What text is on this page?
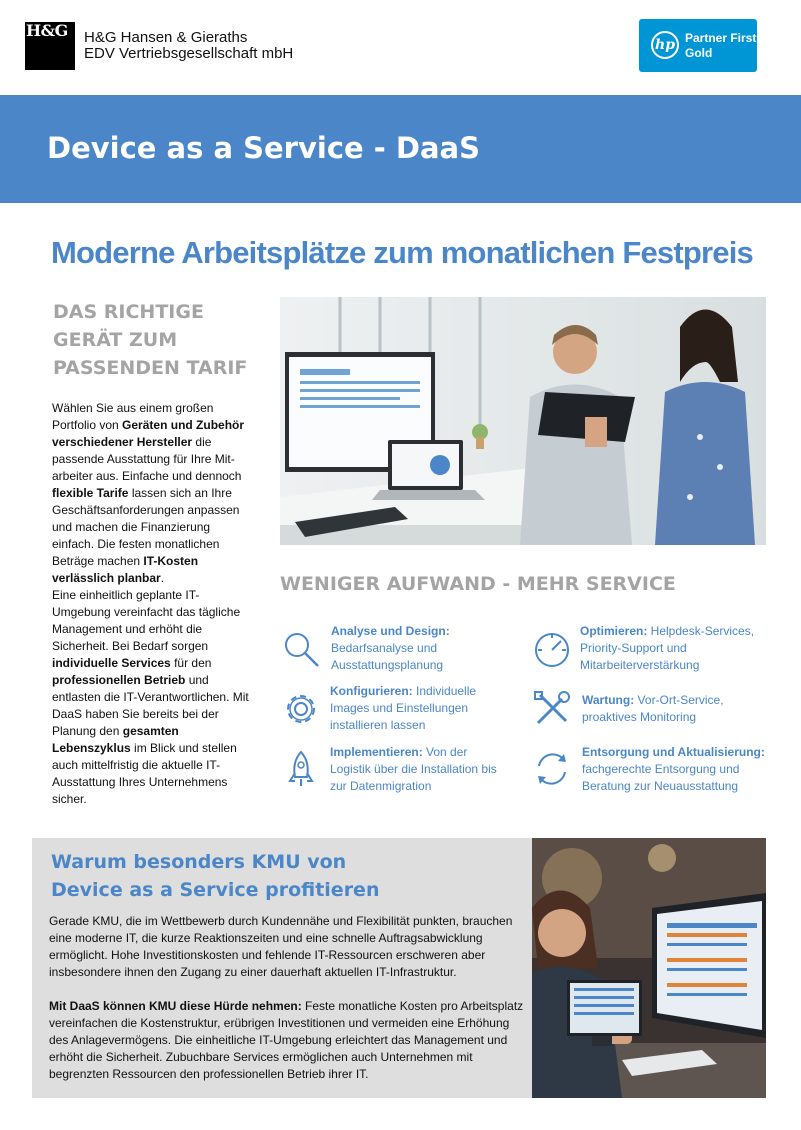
H&G	H&G Hansen & Gieraths
EDV Vertriebsgesellschaft mbH	hp Partner First
Gold
Device as a Service - DaaS
Moderne Arbeitsplätze zum monatlichen Festpreis
DAS RICHTIGE GERÄT ZUM PASSENDEN TARIF
Wählen Sie aus einem großen Portfolio von Geräten und Zubehör verschiedener Hersteller die passende Ausstattung für Ihre Mit-arbeiter aus. Einfache und dennoch flexible Tarife lassen sich an Ihre Geschäftsanforderungen anpassen und machen die Finanzierung einfach. Die festen monatlichen Beträge machen IT-Kosten verlässlich planbar.
Eine einheitlich geplante IT-Umgebung vereinfacht das tägliche Management und erhöht die Sicherheit. Bei Bedarf sorgen individuelle Services für den professionellen Betrieb und entlasten die IT-Verantwortlichen. Mit DaaS haben Sie bereits bei der Planung den gesamten Lebenszyklus im Blick und stellen auch mittelfristig die aktuelle IT-Ausstattung Ihres Unternehmens sicher.
WENIGER AUFWAND - MEHR SERVICE
Analyse und Design: Bedarfsanalyse und Ausstattungsplanung
Optimieren: Helpdesk-Services, Priority-Support und Mitarbeiterverstärkung
Konfigurieren: Individuelle Images und Einstellungen installieren lassen
Wartung: Vor-Ort-Service, proaktives Monitoring
Implementieren: Von der Logistik über die Installation bis zur Datenmigration
Entsorgung und Aktualisierung: fachgerechte Entsorgung und Beratung zur Neuausstattung
Warum besonders KMU von
Device as a Service profitieren
Gerade KMU, die im Wettbewerb durch Kundennähe und Flexibilität punkten, brauchen eine moderne IT, die kurze Reaktionszeiten und eine schnelle Auftragsabwicklung ermöglicht. Hohe Investitionskosten und fehlende IT-Ressourcen erschweren aber insbesondere ihnen den Zugang zu einer dauerhaft aktuellen IT-Infrastruktur.
Mit DaaS können KMU diese Hürde nehmen: Feste monatliche Kosten pro Arbeitsplatz vereinfachen die Kostenstruktur, erübrigen Investitionen und vermeiden eine Erhöhung des Anlagevermögens. Die einheitliche IT-Umgebung erleichtert das Management und erhöht die Sicherheit. Zubuchbare Services ermöglichen auch Unternehmen mit begrenzten Ressourcen den professionellen Betrieb ihrer IT.
